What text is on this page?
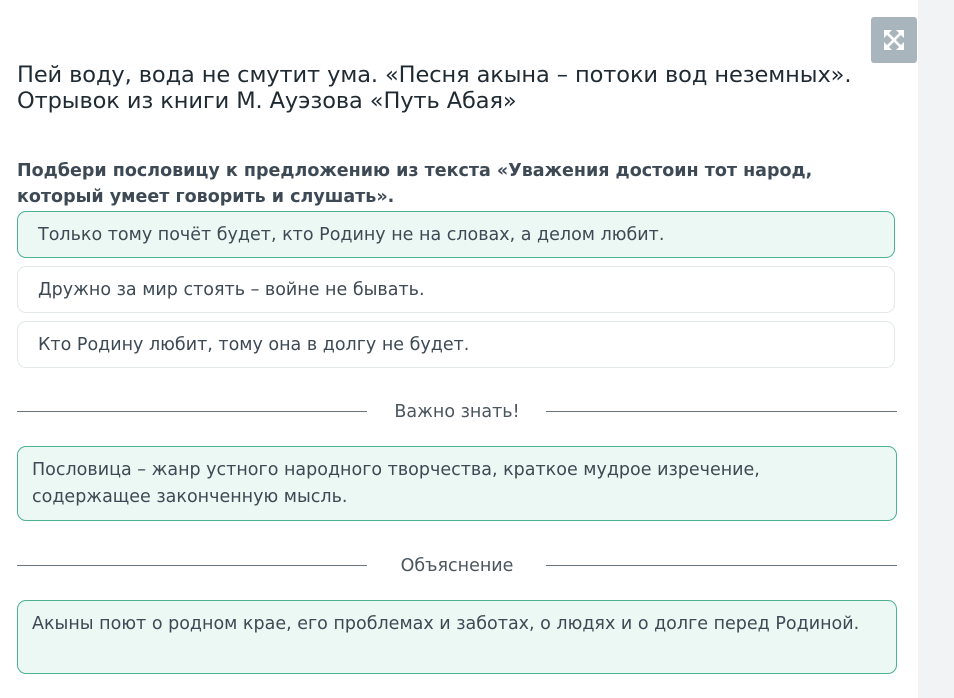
Пей воду, вода не смутит ума. «Песня акына – потоки вод неземных». Отрывок из книги М. Ауэзова «Путь Абая»
Подбери пословицу к предложению из текста «Уважения достоин тот народ, который умеет говорить и слушать».
Только тому почёт будет, кто Родину не на словах, а делом любит.
Дружно за мир стоять – войне не бывать.
Кто Родину любит, тому она в долгу не будет.
Важно знать!
Пословица – жанр устного народного творчества, краткое мудрое изречение, содержащее законченную мысль.
Объяснение
Акыны поют о родном крае, его проблемах и заботах, о людях и о долге перед Родиной.
